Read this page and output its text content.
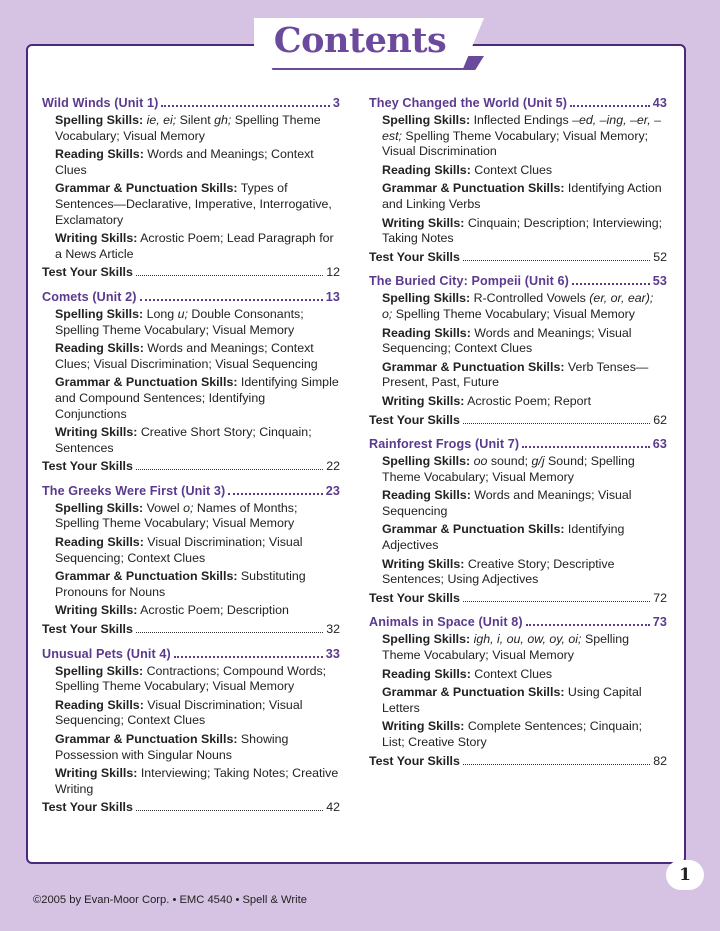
Contents
Wild Winds (Unit 1)	3
Spelling Skills: ie, ei; Silent gh; Spelling Theme Vocabulary; Visual Memory
Reading Skills: Words and Meanings; Context Clues
Grammar & Punctuation Skills: Types of Sentences—Declarative, Imperative, Interrogative, Exclamatory
Writing Skills: Acrostic Poem; Lead Paragraph for a News Article
Test Your Skills	12
Comets (Unit 2)	13
Spelling Skills: Long u; Double Consonants; Spelling Theme Vocabulary; Visual Memory
Reading Skills: Words and Meanings; Context Clues; Visual Discrimination; Visual Sequencing
Grammar & Punctuation Skills: Identifying Simple and Compound Sentences; Identifying Conjunctions
Writing Skills: Creative Short Story; Cinquain; Sentences
Test Your Skills	22
The Greeks Were First (Unit 3)	23
Spelling Skills: Vowel o; Names of Months; Spelling Theme Vocabulary; Visual Memory
Reading Skills: Visual Discrimination; Visual Sequencing; Context Clues
Grammar & Punctuation Skills: Substituting Pronouns for Nouns
Writing Skills: Acrostic Poem; Description
Test Your Skills	32
Unusual Pets (Unit 4)	33
Spelling Skills: Contractions; Compound Words; Spelling Theme Vocabulary; Visual Memory
Reading Skills: Visual Discrimination; Visual Sequencing; Context Clues
Grammar & Punctuation Skills: Showing Possession with Singular Nouns
Writing Skills: Interviewing; Taking Notes; Creative Writing
Test Your Skills	42
They Changed the World (Unit 5)	43
Spelling Skills: Inflected Endings –ed, –ing, –er, –est; Spelling Theme Vocabulary; Visual Memory; Visual Discrimination
Reading Skills: Context Clues
Grammar & Punctuation Skills: Identifying Action and Linking Verbs
Writing Skills: Cinquain; Description; Interviewing; Taking Notes
Test Your Skills	52
The Buried City: Pompeii (Unit 6)	53
Spelling Skills: R-Controlled Vowels (er, or, ear); o; Spelling Theme Vocabulary; Visual Memory
Reading Skills: Words and Meanings; Visual Sequencing; Context Clues
Grammar & Punctuation Skills: Verb Tenses—Present, Past, Future
Writing Skills: Acrostic Poem; Report
Test Your Skills	62
Rainforest Frogs (Unit 7)	63
Spelling Skills: oo sound; g/j Sound; Spelling Theme Vocabulary; Visual Memory
Reading Skills: Words and Meanings; Visual Sequencing
Grammar & Punctuation Skills: Identifying Adjectives
Writing Skills: Creative Story; Descriptive Sentences; Using Adjectives
Test Your Skills	72
Animals in Space (Unit 8)	73
Spelling Skills: igh, i, ou, ow, oy, oi; Spelling Theme Vocabulary; Visual Memory
Reading Skills: Context Clues
Grammar & Punctuation Skills: Using Capital Letters
Writing Skills: Complete Sentences; Cinquain; List; Creative Story
Test Your Skills	82
©2005 by Evan-Moor Corp. • EMC 4540 • Spell & Write
1
